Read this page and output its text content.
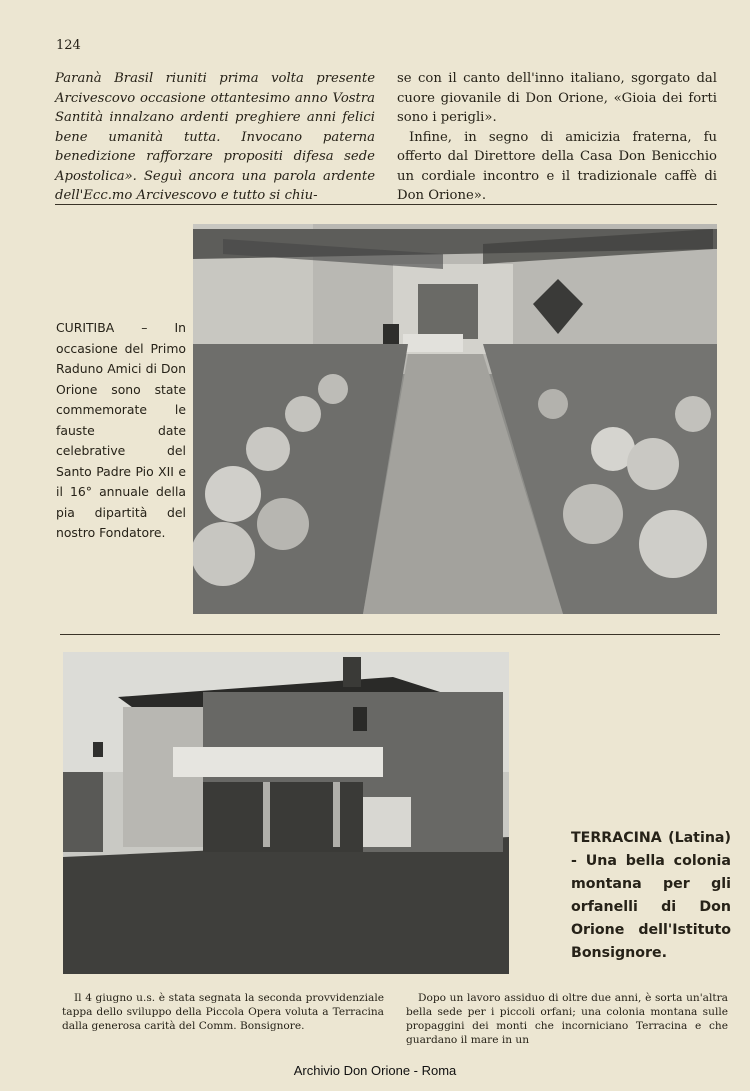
124

Paranà Brasil riuniti prima volta presente Arcivescovo occasione ottantesimo anno Vostra Santità innalzano ardenti preghiere anni felici bene umanità tutta. Invocano paterna benedizione rafforzare propositi difesa sede Apostolica». Seguì ancora una parola ardente dell'Ecc.mo Arcivescovo e tutto si chiu-

se con il canto dell'inno italiano, sgorgato dal cuore giovanile di Don Orione, «Gioia dei forti sono i perigli».

Infine, in segno di amicizia fraterna, fu offerto dal Direttore della Casa Don Benicchio un cordiale incontro e il tradizionale caffè di Don Orione».

CURITIBA – In occasione del Primo Raduno Amici di Don Orione sono state commemorate le fauste date celebrative del Santo Padre Pio XII e il 16° annuale della pia dipartità del nostro Fondatore.
TERRACINA (Latina) - Una bella colonia montana per gli orfanelli di Don Orione dell'Istituto Bonsignore.

Il 4 giugno u.s. è stata segnata la seconda provvidenziale tappa dello sviluppo della Piccola Opera voluta a Terracina dalla generosa carità del Comm. Bonsignore.

Dopo un lavoro assiduo di oltre due anni, è sorta un'altra bella sede per i piccoli orfani; una colonia montana sulle propaggini dei monti che incorniciano Terracina e che guardano il mare in un

Archivio Don Orione - Roma
